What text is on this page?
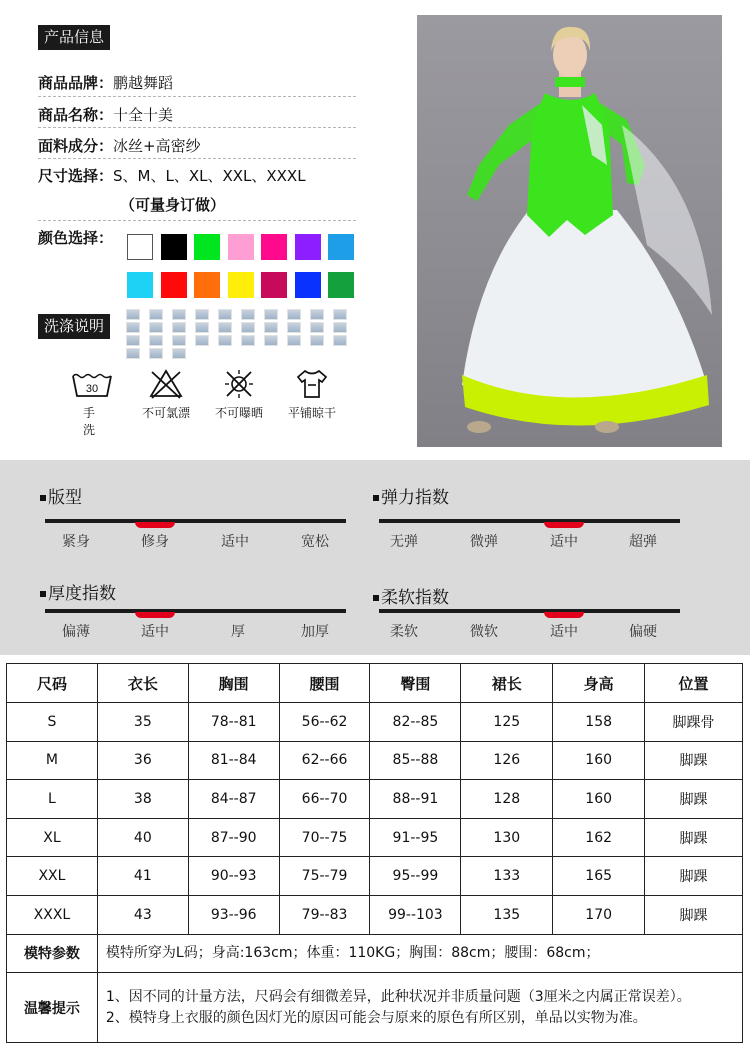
产品信息
商品品牌：鹏越舞蹈
商品名称：十全十美
面料成分：冰丝+高密纱
尺寸选择：S、M、L、XL、XXL、XXXL
（可量身订做）
颜色选择：
洗涤说明
30
手 洗
不可氯漂	不可曝晒	平铺晾干
版型
紧身	修身	适中	宽松
弹力指数
无弹	微弹	适中	超弹
厚度指数
偏薄	适中	厚	加厚
柔软指数
柔软	微软	适中	偏硬
尺码	衣长	胸围	腰围	臀围	裙长	身高	位置
S	35	78--81	56--62	82--85	125	158	脚踝骨
M	36	81--84	62--66	85--88	126	160	脚踝
L	38	84--87	66--70	88--91	128	160	脚踝
XL	40	87--90	70--75	91--95	130	162	脚踝
XXL	41	90--93	75--79	95--99	133	165	脚踝
XXXL	43	93--96	79--83	99--103	135	170	脚踝
模特参数	模特所穿为L码；身高:163cm；体重：110KG；胸围：88cm；腰围：68cm；						
温馨提示	1、因不同的计量方法，尺码会有细微差异，此种状况并非质量问题（3厘米之内属正常误差）。
2、模特身上衣服的颜色因灯光的原因可能会与原来的原色有所区别，单品以实物为准。						
